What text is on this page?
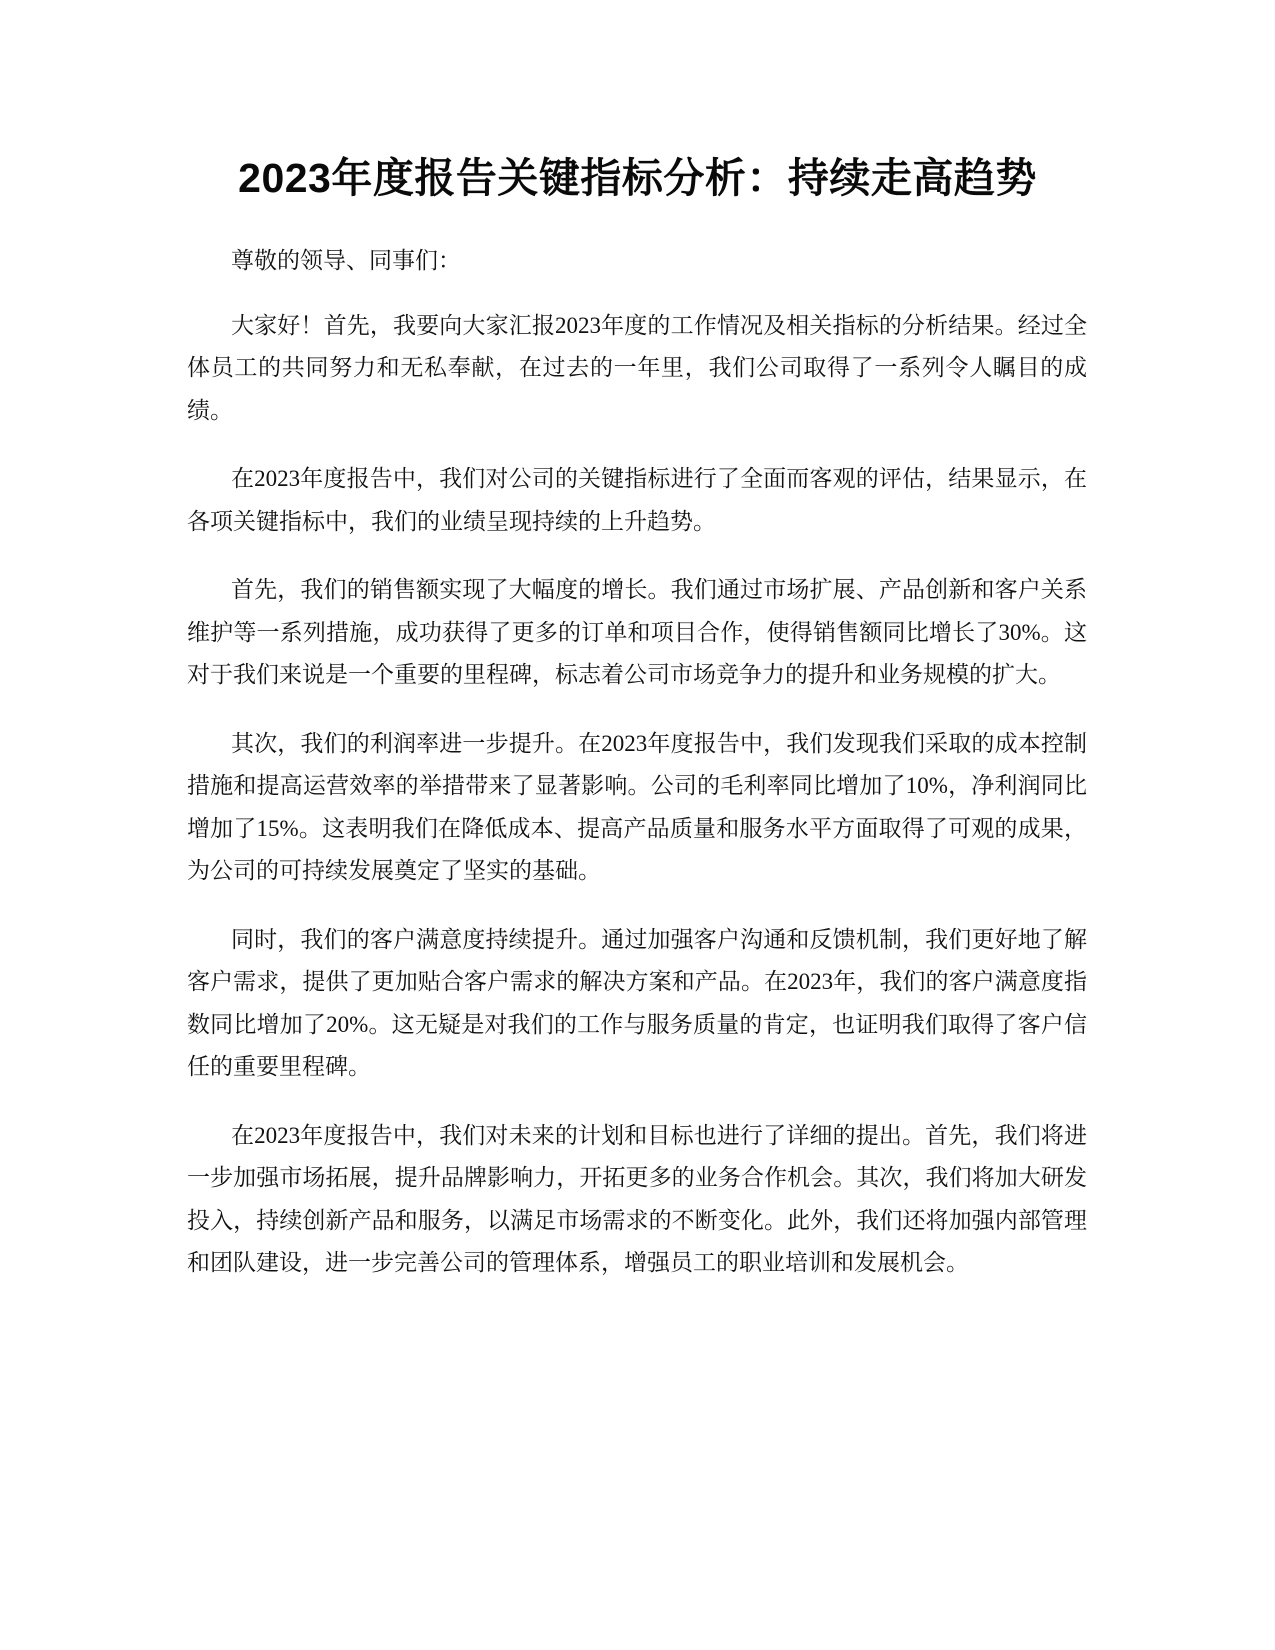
2023年度报告关键指标分析：持续走高趋势

尊敬的领导、同事们：

大家好！首先，我要向大家汇报2023年度的工作情况及相关指标的分析结果。经过全体员工的共同努力和无私奉献，在过去的一年里，我们公司取得了一系列令人瞩目的成绩。

在2023年度报告中，我们对公司的关键指标进行了全面而客观的评估，结果显示，在各项关键指标中，我们的业绩呈现持续的上升趋势。

首先，我们的销售额实现了大幅度的增长。我们通过市场扩展、产品创新和客户关系维护等一系列措施，成功获得了更多的订单和项目合作，使得销售额同比增长了30%。这对于我们来说是一个重要的里程碑，标志着公司市场竞争力的提升和业务规模的扩大。

其次，我们的利润率进一步提升。在2023年度报告中，我们发现我们采取的成本控制措施和提高运营效率的举措带来了显著影响。公司的毛利率同比增加了10%，净利润同比增加了15%。这表明我们在降低成本、提高产品质量和服务水平方面取得了可观的成果，为公司的可持续发展奠定了坚实的基础。

同时，我们的客户满意度持续提升。通过加强客户沟通和反馈机制，我们更好地了解客户需求，提供了更加贴合客户需求的解决方案和产品。在2023年，我们的客户满意度指数同比增加了20%。这无疑是对我们的工作与服务质量的肯定，也证明我们取得了客户信任的重要里程碑。

在2023年度报告中，我们对未来的计划和目标也进行了详细的提出。首先，我们将进一步加强市场拓展，提升品牌影响力，开拓更多的业务合作机会。其次，我们将加大研发投入，持续创新产品和服务，以满足市场需求的不断变化。此外，我们还将加强内部管理和团队建设，进一步完善公司的管理体系，增强员工的职业培训和发展机会。
